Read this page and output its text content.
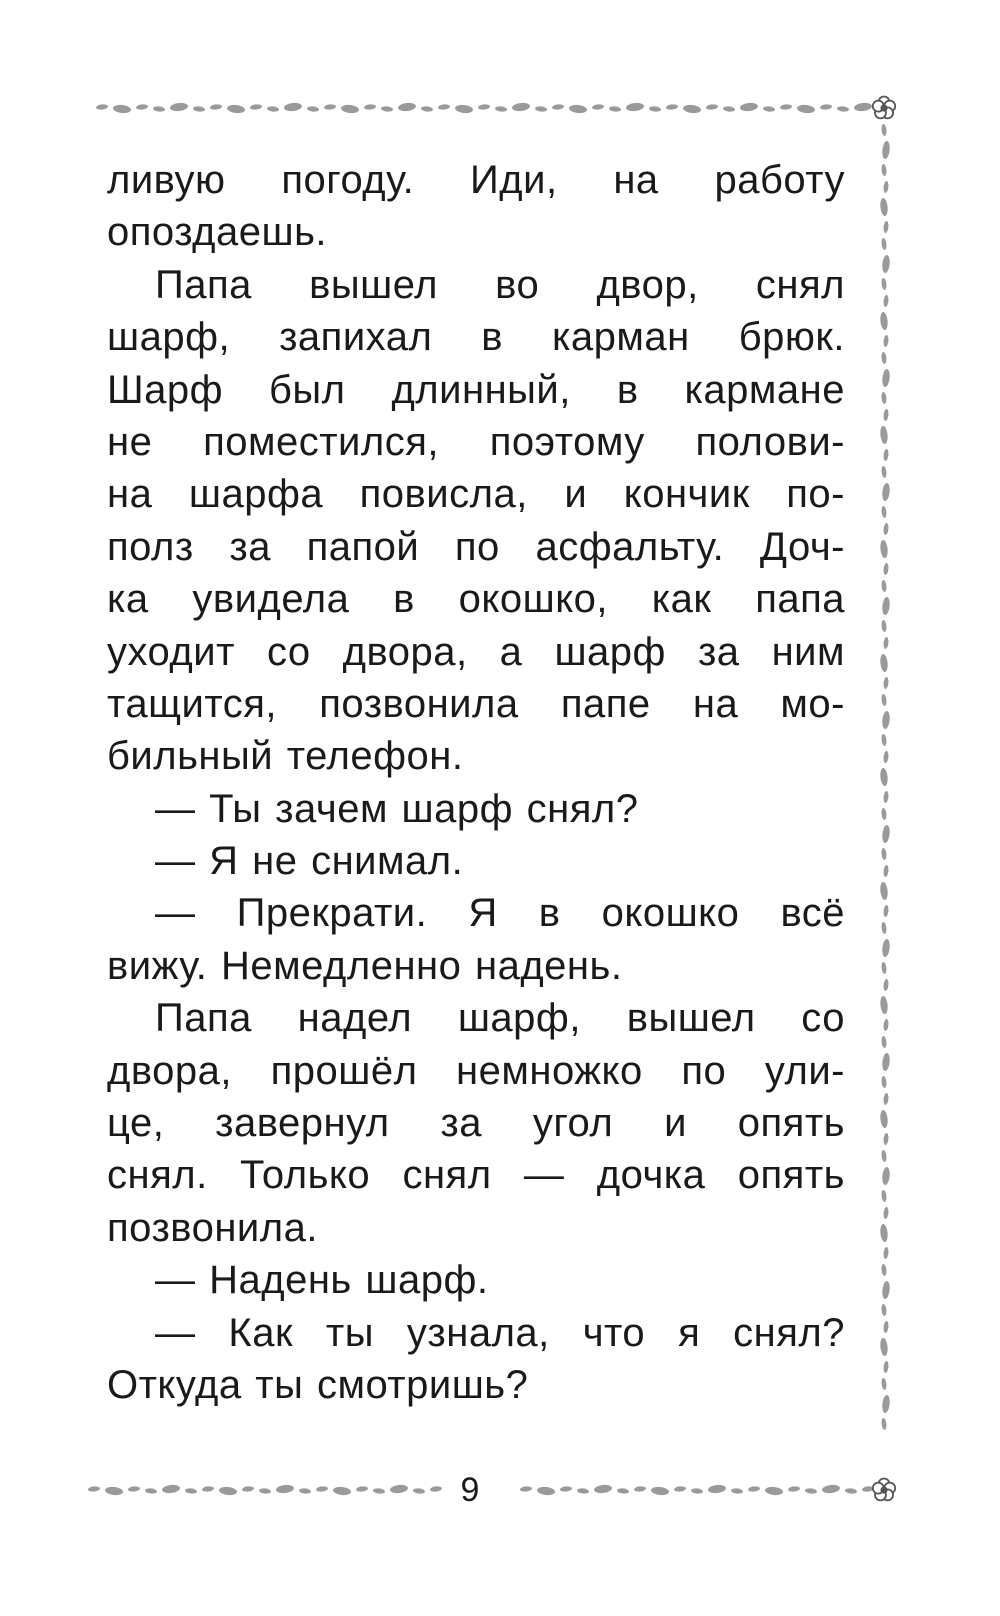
ливую погоду. Иди, на работу
опоздаешь.
Папа вышел во двор, снял
шарф, запихал в карман брюк.
Шарф был длинный, в кармане
не поместился, поэтому полови-
на шарфа повисла, и кончик по-
полз за папой по асфальту. Доч-
ка увидела в окошко, как папа
уходит со двора, а шарф за ним
тащится, позвонила папе на мо-
бильный телефон.
— Ты зачем шарф снял?
— Я не снимал.
— Прекрати. Я в окошко всё
вижу. Немедленно надень.
Папа надел шарф, вышел со
двора, прошёл немножко по ули-
це, завернул за угол и опять
снял. Только снял — дочка опять
позвонила.
— Надень шарф.
— Как ты узнала, что я снял?
Откуда ты смотришь?
9
